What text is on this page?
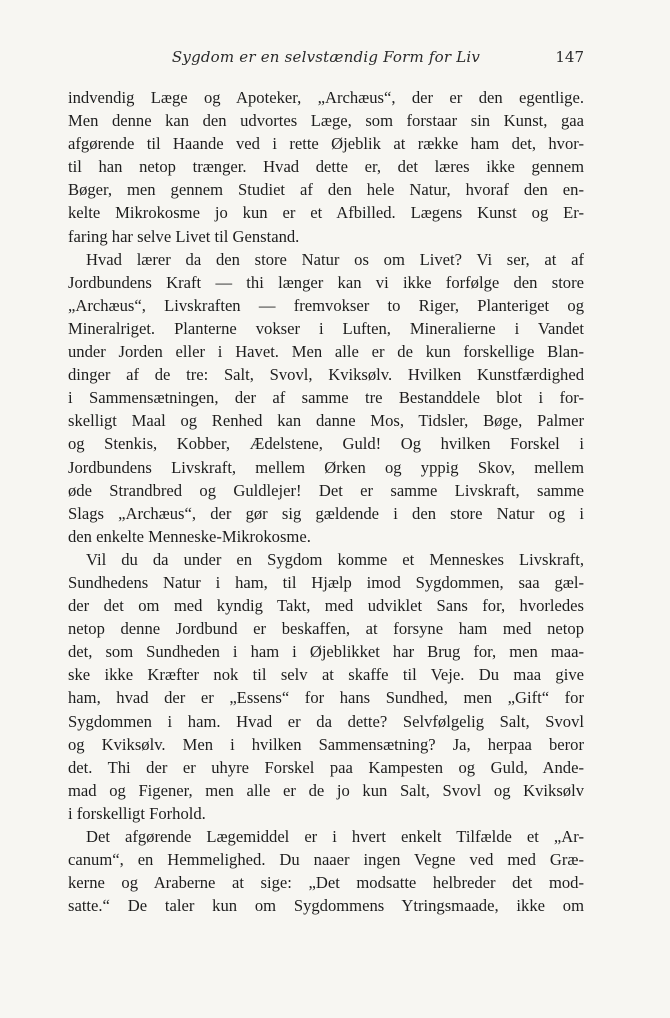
Sygdom er en selvstændig Form for Liv	147
indvendig Læge og Apoteker, „Archæus“, der er den egentlige.
Men denne kan den udvortes Læge, som forstaar sin Kunst, gaa
afgørende til Haande ved i rette Øjeblik at række ham det, hvor-
til han netop trænger. Hvad dette er, det læres ikke gennem
Bøger, men gennem Studiet af den hele Natur, hvoraf den en-
kelte Mikrokosme jo kun er et Afbilled. Lægens Kunst og Er-
faring har selve Livet til Genstand.
Hvad lærer da den store Natur os om Livet? Vi ser, at af
Jordbundens Kraft — thi længer kan vi ikke forfølge den store
„Archæus“, Livskraften — fremvokser to Riger, Planteriget og
Mineralriget. Planterne vokser i Luften, Mineralierne i Vandet
under Jorden eller i Havet. Men alle er de kun forskellige Blan-
dinger af de tre: Salt, Svovl, Kviksølv. Hvilken Kunstfærdighed
i Sammensætningen, der af samme tre Bestanddele blot i for-
skelligt Maal og Renhed kan danne Mos, Tidsler, Bøge, Palmer
og Stenkis, Kobber, Ædelstene, Guld! Og hvilken Forskel i
Jordbundens Livskraft, mellem Ørken og yppig Skov, mellem
øde Strandbred og Guldlejer! Det er samme Livskraft, samme
Slags „Archæus“, der gør sig gældende i den store Natur og i
den enkelte Menneske-Mikrokosme.
Vil du da under en Sygdom komme et Menneskes Livskraft,
Sundhedens Natur i ham, til Hjælp imod Sygdommen, saa gæl-
der det om med kyndig Takt, med udviklet Sans for, hvorledes
netop denne Jordbund er beskaffen, at forsyne ham med netop
det, som Sundheden i ham i Øjeblikket har Brug for, men maa-
ske ikke Kræfter nok til selv at skaffe til Veje. Du maa give
ham, hvad der er „Essens“ for hans Sundhed, men „Gift“ for
Sygdommen i ham. Hvad er da dette? Selvfølgelig Salt, Svovl
og Kviksølv. Men i hvilken Sammensætning? Ja, herpaa beror
det. Thi der er uhyre Forskel paa Kampesten og Guld, Ande-
mad og Figener, men alle er de jo kun Salt, Svovl og Kviksølv
i forskelligt Forhold.
Det afgørende Lægemiddel er i hvert enkelt Tilfælde et „Ar-
canum“, en Hemmelighed. Du naaer ingen Vegne ved med Græ-
kerne og Araberne at sige: „Det modsatte helbreder det mod-
satte.“ De taler kun om Sygdommens Ytringsmaade, ikke om
